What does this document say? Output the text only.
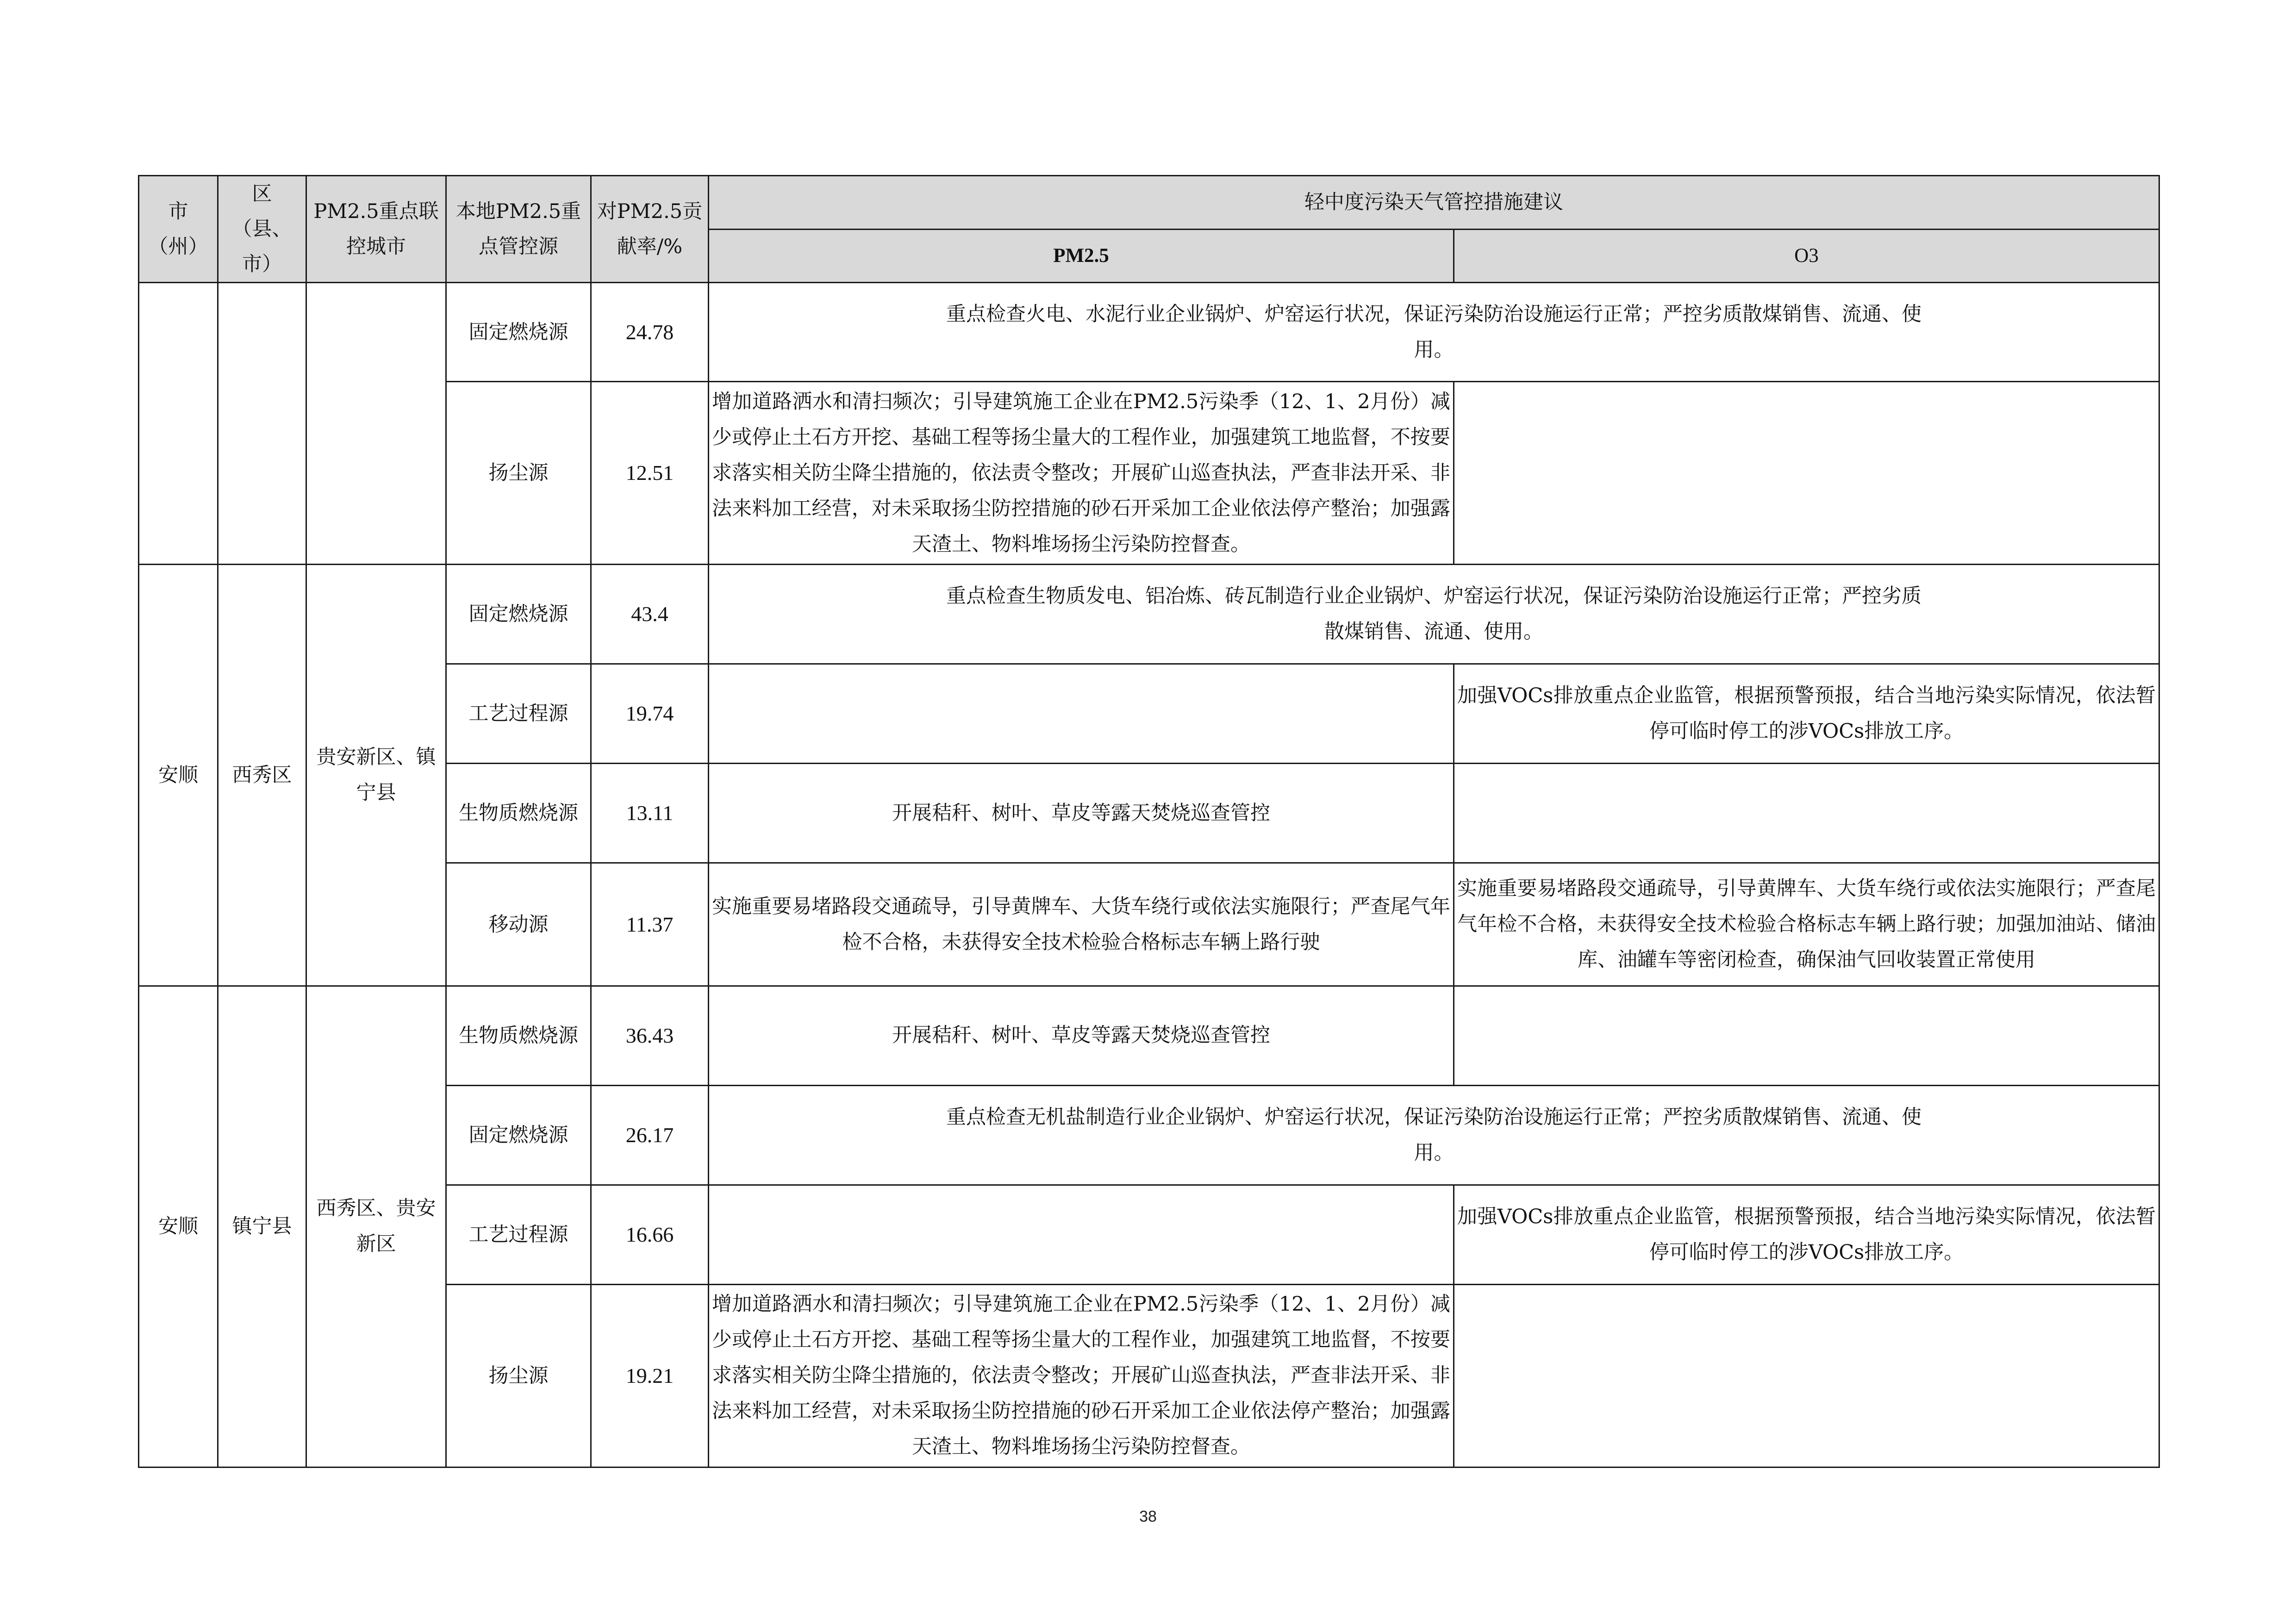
市（州）	区（县、市）	PM2.5重点联控城市	本地PM2.5重点管控源	对PM2.5贡献率/%	轻中度污染天气管控措施建议	
					PM2.5	O3
			固定燃烧源	24.78	重点检查火电、水泥行业企业锅炉、炉窑运行状况，保证污染防治设施运行正常；严控劣质散煤销售、流通、使用。	
			扬尘源	12.51	增加道路洒水和清扫频次；引导建筑施工企业在PM2.5污染季（12、1、2月份）减少或停止土石方开挖、基础工程等扬尘量大的工程作业，加强建筑工地监督，不按要求落实相关防尘降尘措施的，依法责令整改；开展矿山巡查执法，严查非法开采、非法来料加工经营，对未采取扬尘防控措施的砂石开采加工企业依法停产整治；加强露天渣土、物料堆场扬尘污染防控督查。	
安顺	西秀区	贵安新区、镇宁县	固定燃烧源	43.4	重点检查生物质发电、铝冶炼、砖瓦制造行业企业锅炉、炉窑运行状况，保证污染防治设施运行正常；严控劣质散煤销售、流通、使用。	
			工艺过程源	19.74		加强VOCs排放重点企业监管，根据预警预报，结合当地污染实际情况，依法暂停可临时停工的涉VOCs排放工序。
			生物质燃烧源	13.11	开展秸秆、树叶、草皮等露天焚烧巡查管控	
			移动源	11.37	实施重要易堵路段交通疏导，引导黄牌车、大货车绕行或依法实施限行；严查尾气年检不合格，未获得安全技术检验合格标志车辆上路行驶	实施重要易堵路段交通疏导，引导黄牌车、大货车绕行或依法实施限行；严查尾气年检不合格，未获得安全技术检验合格标志车辆上路行驶；加强加油站、储油库、油罐车等密闭检查，确保油气回收装置正常使用
安顺	镇宁县	西秀区、贵安新区	生物质燃烧源	36.43	开展秸秆、树叶、草皮等露天焚烧巡查管控	
			固定燃烧源	26.17	重点检查无机盐制造行业企业锅炉、炉窑运行状况，保证污染防治设施运行正常；严控劣质散煤销售、流通、使用。	
			工艺过程源	16.66		加强VOCs排放重点企业监管，根据预警预报，结合当地污染实际情况，依法暂停可临时停工的涉VOCs排放工序。
			扬尘源	19.21	增加道路洒水和清扫频次；引导建筑施工企业在PM2.5污染季（12、1、2月份）减少或停止土石方开挖、基础工程等扬尘量大的工程作业，加强建筑工地监督，不按要求落实相关防尘降尘措施的，依法责令整改；开展矿山巡查执法，严查非法开采、非法来料加工经营，对未采取扬尘防控措施的砂石开采加工企业依法停产整治；加强露天渣土、物料堆场扬尘污染防控督查。	
38
